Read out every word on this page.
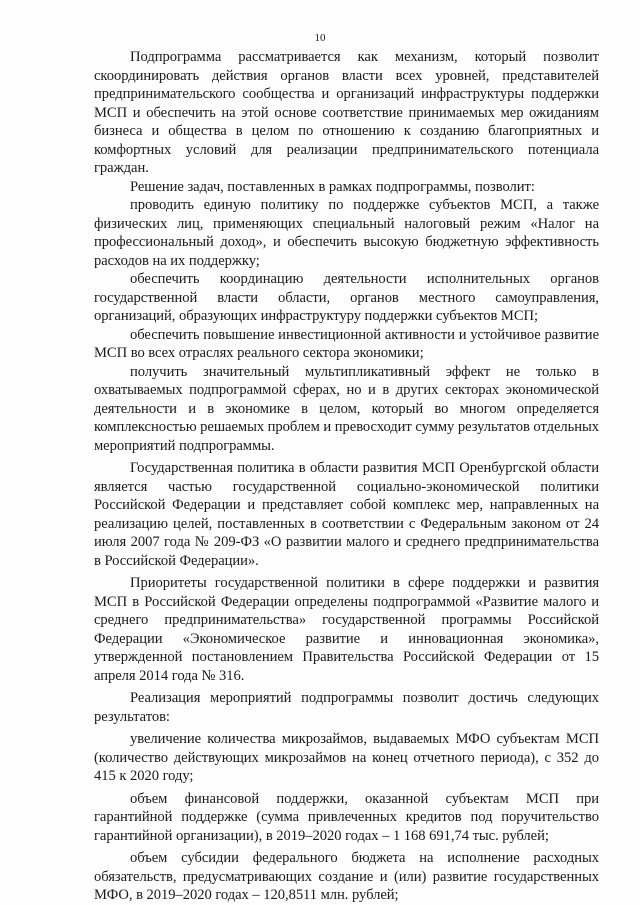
10

Подпрограмма рассматривается как механизм, который позволит скоординировать действия органов власти всех уровней, представителей предпринимательского сообщества и организаций инфраструктуры поддержки МСП и обеспечить на этой основе соответствие принимаемых мер ожиданиям бизнеса и общества в целом по отношению к созданию благоприятных и комфортных условий для реализации предпринимательского потенциала граждан.

Решение задач, поставленных в рамках подпрограммы, позволит:

проводить единую политику по поддержке субъектов МСП, а также физических лиц, применяющих специальный налоговый режим «Налог на профессиональный доход», и обеспечить высокую бюджетную эффективность расходов на их поддержку;

обеспечить координацию деятельности исполнительных органов государственной власти области, органов местного самоуправления, организаций, образующих инфраструктуру поддержки субъектов МСП;

обеспечить повышение инвестиционной активности и устойчивое развитие МСП во всех отраслях реального сектора экономики;

получить значительный мультипликативный эффект не только в охватываемых подпрограммой сферах, но и в других секторах экономической деятельности и в экономике в целом, который во многом определяется комплексностью решаемых проблем и превосходит сумму результатов отдельных мероприятий подпрограммы.

Государственная политика в области развития МСП Оренбургской области является частью государственной социально-экономической политики Российской Федерации и представляет собой комплекс мер, направленных на реализацию целей, поставленных в соответствии с Федеральным законом от 24 июля 2007 года № 209-ФЗ «О развитии малого и среднего предпринимательства в Российской Федерации».

Приоритеты государственной политики в сфере поддержки и развития МСП в Российской Федерации определены подпрограммой «Развитие малого и среднего предпринимательства» государственной программы Российской Федерации «Экономическое развитие и инновационная экономика», утвержденной постановлением Правительства Российской Федерации от 15 апреля 2014 года № 316.

Реализация мероприятий подпрограммы позволит достичь следующих результатов:

увеличение количества микрозаймов, выдаваемых МФО субъектам МСП (количество действующих микрозаймов на конец отчетного периода), с 352 до 415 к 2020 году;

объем финансовой поддержки, оказанной субъектам МСП при гарантийной поддержке (сумма привлеченных кредитов под поручительство гарантийной организации), в 2019–2020 годах – 1 168 691,74 тыс. рублей;

объем субсидии федерального бюджета на исполнение расходных обязательств, предусматривающих создание и (или) развитие государственных МФО, в 2019–2020 годах – 120,8511 млн. рублей;
